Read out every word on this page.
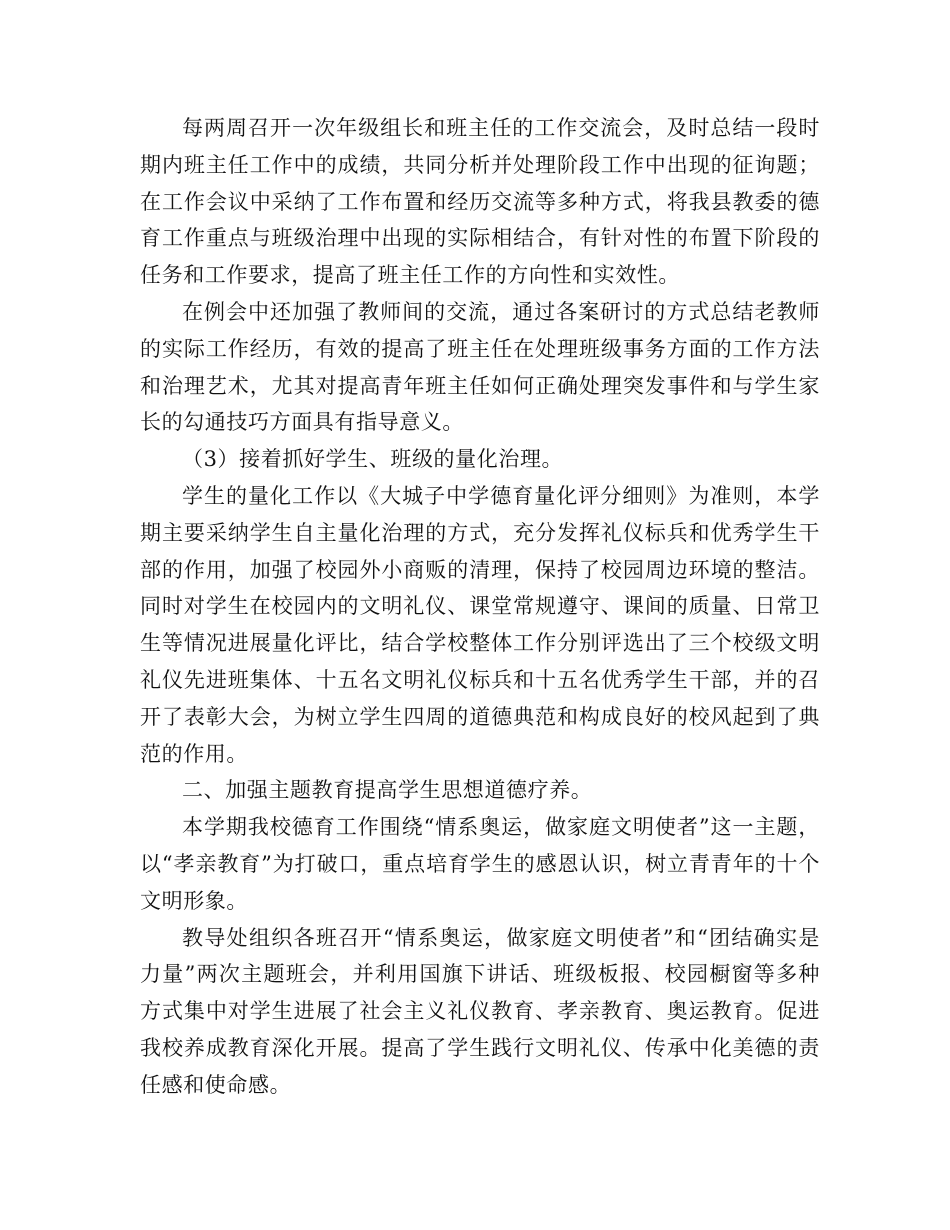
每两周召开一次年级组长和班主任的工作交流会，及时总结一段时期内班主任工作中的成绩，共同分析并处理阶段工作中出现的征询题；在工作会议中采纳了工作布置和经历交流等多种方式，将我县教委的德育工作重点与班级治理中出现的实际相结合，有针对性的布置下阶段的任务和工作要求，提高了班主任工作的方向性和实效性。

在例会中还加强了教师间的交流，通过各案研讨的方式总结老教师的实际工作经历，有效的提高了班主任在处理班级事务方面的工作方法和治理艺术，尤其对提高青年班主任如何正确处理突发事件和与学生家长的勾通技巧方面具有指导意义。

（3）接着抓好学生、班级的量化治理。

学生的量化工作以《大城子中学德育量化评分细则》为准则，本学期主要采纳学生自主量化治理的方式，充分发挥礼仪标兵和优秀学生干部的作用，加强了校园外小商贩的清理，保持了校园周边环境的整洁。同时对学生在校园内的文明礼仪、课堂常规遵守、课间的质量、日常卫生等情况进展量化评比，结合学校整体工作分别评选出了三个校级文明礼仪先进班集体、十五名文明礼仪标兵和十五名优秀学生干部，并的召开了表彰大会，为树立学生四周的道德典范和构成良好的校风起到了典范的作用。

二、加强主题教育提高学生思想道德疗养。

本学期我校德育工作围绕“情系奥运，做家庭文明使者”这一主题，以“孝亲教育”为打破口，重点培育学生的感恩认识，树立青青年的十个文明形象。

教导处组织各班召开“情系奥运，做家庭文明使者”和“团结确实是力量”两次主题班会，并利用国旗下讲话、班级板报、校园橱窗等多种方式集中对学生进展了社会主义礼仪教育、孝亲教育、奥运教育。促进我校养成教育深化开展。提高了学生践行文明礼仪、传承中化美德的责任感和使命感。
